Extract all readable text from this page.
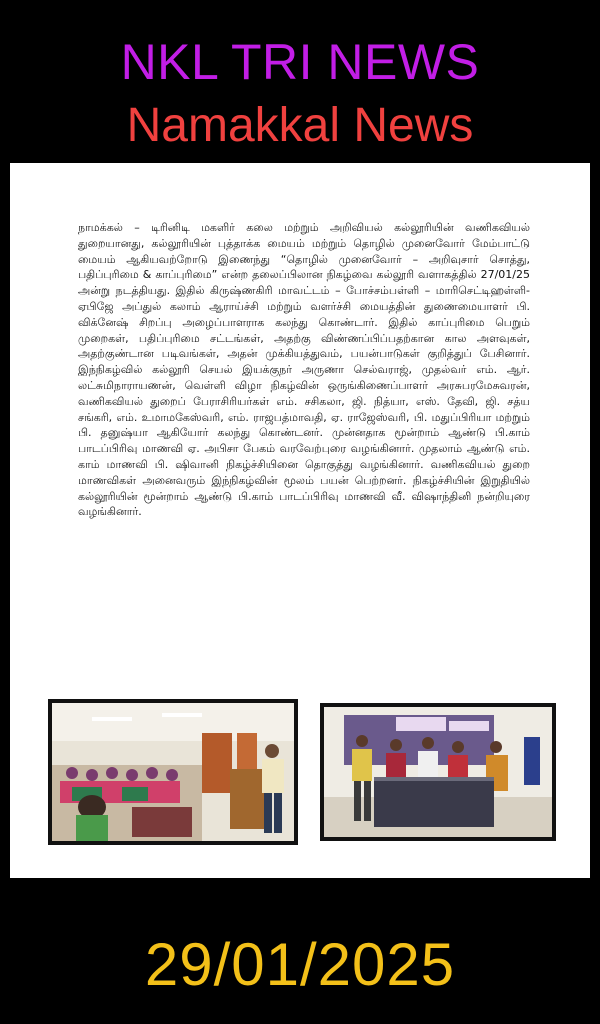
NKL TRI NEWS
Namakkal News

நாமக்கல் – டிரினிடி மகளிர் கலை மற்றும் அறிவியல் கல்லூரியின் வணிகவியல் துறையானது, கல்லூரியின் புத்தாக்க மையம் மற்றும் தொழில் முனைவோர் மேம்பாட்டு மையம் ஆகியவற்றோடு இணைந்து “தொழில் முனைவோர் – அறிவுசார் சொத்து, பதிப்புரிமை & காப்புரிமை” என்ற தலைப்பிலான நிகழ்வை கல்லூரி வளாகத்தில் 27/01/25 அன்று நடத்தியது. இதில் கிருஷ்ணகிரி மாவட்டம் – போச்சம்பள்ளி – மாரிசெட்டிஹள்ளி- ஏபிஜே அப்துல் கலாம் ஆராய்ச்சி மற்றும் வளர்ச்சி மையத்தின் துணைமையாளர் பி. விக்னேஷ் சிறப்பு அழைப்பாளராக கலந்து கொண்டார். இதில் காப்புரிமை பெறும் முறைகள், பதிப்புரிமை சட்டங்கள், அதற்கு விண்ணப்பிப்பதற்கான கால அளவுகள், அதற்குண்டான படிவங்கள், அதன் முக்கியத்துவம், பயன்பாடுகள் குறித்துப் பேசினார். இந்நிகழ்வில் கல்லூரி செயல் இயக்குநர் அருணா செல்வராஜ், முதல்வர் எம். ஆர். லட்சுமிநாராயணன், வெள்ளி விழா நிகழ்வின் ஒருங்கிணைப்பாளர் அரசுபரமேசுவரன், வணிகவியல் துறைப் பேராசிரியர்கள் எம். சசிகலா, ஜி. நித்யா, எஸ். தேவி, ஜி. சத்ய சங்கரி, எம். உமாமகேஸ்வரி, எம். ராஜபத்மாவதி, ஏ. ராஜேஸ்வரி, பி. மதுப்பிரியா மற்றும் பி. தனுஷ்யா ஆகியோர் கலந்து கொண்டனர். முன்னதாக மூன்றாம் ஆண்டு பி.காம் பாடப்பிரிவு மாணவி ஏ. அபிசா பேகம் வரவேற்புரை வழங்கினார். முதலாம் ஆண்டு எம். காம் மாணவி பி. ஷிவானி நிகழ்ச்சியினை தொகுத்து வழங்கினார். வணிகவியல் துறை மாணவிகள் அனைவரும் இந்நிகழ்வின் மூலம் பயன் பெற்றனர். நிகழ்ச்சியின் இறுதியில் கல்லூரியின் மூன்றாம் ஆண்டு பி.காம் பாடப்பிரிவு மாணவி வீ. விஷாந்தினி நன்றியுரை வழங்கினார்.

29/01/2025
